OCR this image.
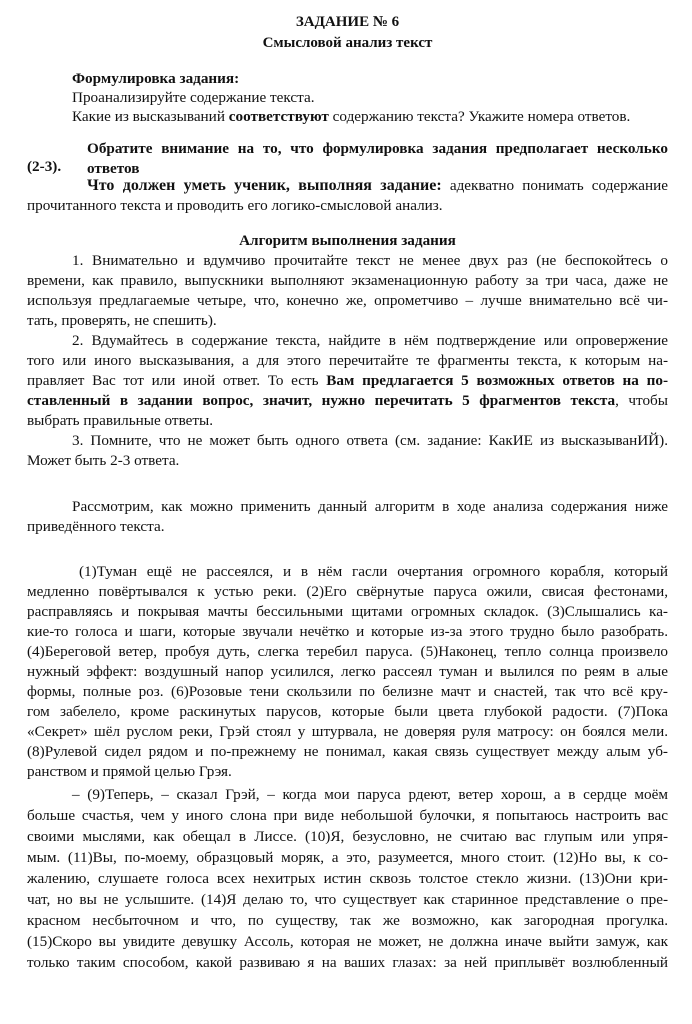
ЗАДАНИЕ № 6
Смысловой анализ текст
Формулировка задания:
Проанализируйте содержание текста.
Какие из высказываний соответствуют содержанию текста? Укажите номера ответов.
Обратите внимание на то, что формулировка задания предполагает несколько ответов
(2-3).
Что должен уметь ученик, выполняя задание: адекватно понимать содержание
прочитанного текста и проводить его логико-смысловой анализ.
Алгоритм выполнения задания
1. Внимательно и вдумчиво прочитайте текст не менее двух раз (не беспокойтесь о
времени, как правило, выпускники выполняют экзаменационную работу за три часа, даже не
используя предлагаемые четыре, что, конечно же, опрометчиво – лучше внимательно всё чи-
тать, проверять, не спешить).
2. Вдумайтесь в содержание текста, найдите в нём подтверждение или опровержение
того или иного высказывания, а для этого перечитайте те фрагменты текста, к которым на-
правляет Вас тот или иной ответ. То есть Вам предлагается 5 возможных ответов на по-
ставленный в задании вопрос, значит, нужно перечитать 5 фрагментов текста, чтобы
выбрать правильные ответы.
3. Помните, что не может быть одного ответа (см. задание: КакИЕ из высказыванИЙ).
Может быть 2-3 ответа.
Рассмотрим, как можно применить данный алгоритм в ходе анализа содержания ниже
приведённого текста.
(1)Туман ещё не рассеялся, и в нём гасли очертания огромного корабля, который
медленно повёртывался к устью реки. (2)Его свёрнутые паруса ожили, свисая фестонами,
расправляясь и покрывая мачты бессильными щитами огромных складок. (3)Слышались ка-
кие-то голоса и шаги, которые звучали нечётко и которые из-за этого трудно было разобрать.
(4)Береговой ветер, пробуя дуть, слегка теребил паруса. (5)Наконец, тепло солнца произвело
нужный эффект: воздушный напор усилился, легко рассеял туман и вылился по реям в алые
формы, полные роз. (6)Розовые тени скользили по белизне мачт и снастей, так что всё кру-
гом забелело, кроме раскинутых парусов, которые были цвета глубокой радости. (7)Пока
«Секрет» шёл руслом реки, Грэй стоял у штурвала, не доверяя руля матросу: он боялся мели.
(8)Рулевой сидел рядом и по-прежнему не понимал, какая связь существует между алым уб-
ранством и прямой целью Грэя.
– (9)Теперь, – сказал Грэй, – когда мои паруса рдеют, ветер хорош, а в сердце моём
больше счастья, чем у иного слона при виде небольшой булочки, я попытаюсь настроить вас
своими мыслями, как обещал в Лиссе. (10)Я, безусловно, не считаю вас глупым или упря-
мым. (11)Вы, по-моему, образцовый моряк, а это, разумеется, много стоит. (12)Но вы, к со-
жалению, слушаете голоса всех нехитрых истин сквозь толстое стекло жизни. (13)Они кри-
чат, но вы не услышите. (14)Я делаю то, что существует как старинное представление о пре-
красном несбыточном и что, по существу, так же возможно, как загородная прогулка.
(15)Скоро вы увидите девушку Ассоль, которая не может, не должна иначе выйти замуж, как
только таким способом, какой развиваю я на ваших глазах: за ней приплывёт возлюбленный
